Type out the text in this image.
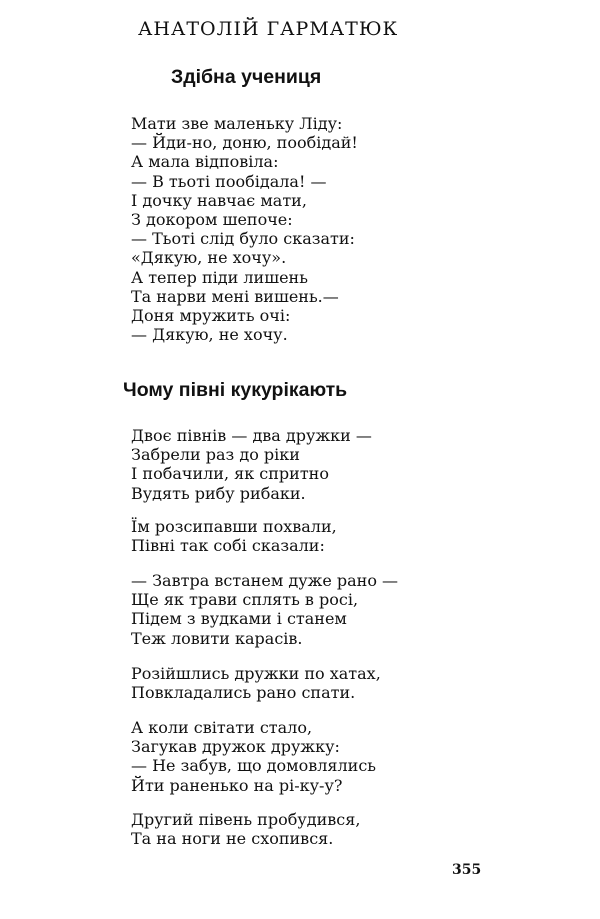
АНАТОЛІЙ ГАРМАТЮК
Здібна учениця
Мати зве маленьку Ліду:
— Йди-но, доню, пообідай!
А мала відповіла:
— В тьоті пообідала! —
І дочку навчає мати,
З докором шепоче:
— Тьоті слід було сказати:
«Дякую, не хочу».
А тепер піди лишень
Та нарви мені вишень.—
Доня мружить очі:
— Дякую, не хочу.
Чому півні кукурікають
Двоє півнів — два дружки —
Забрели раз до ріки
І побачили, як спритно
Вудять рибу рибаки.
Їм розсипавши похвали,
Півні так собі сказали:
— Завтра встанем дуже рано —
Ще як трави сплять в росі,
Підем з вудками і станем
Теж ловити карасів.
Розійшлись дружки по хатах,
Повкладались рано спати.
А коли світати стало,
Загукав дружок дружку:
— Не забув, що домовлялись
Йти раненько на рі-ку-у?
Другий півень пробудився,
Та на ноги не схопився.
355
